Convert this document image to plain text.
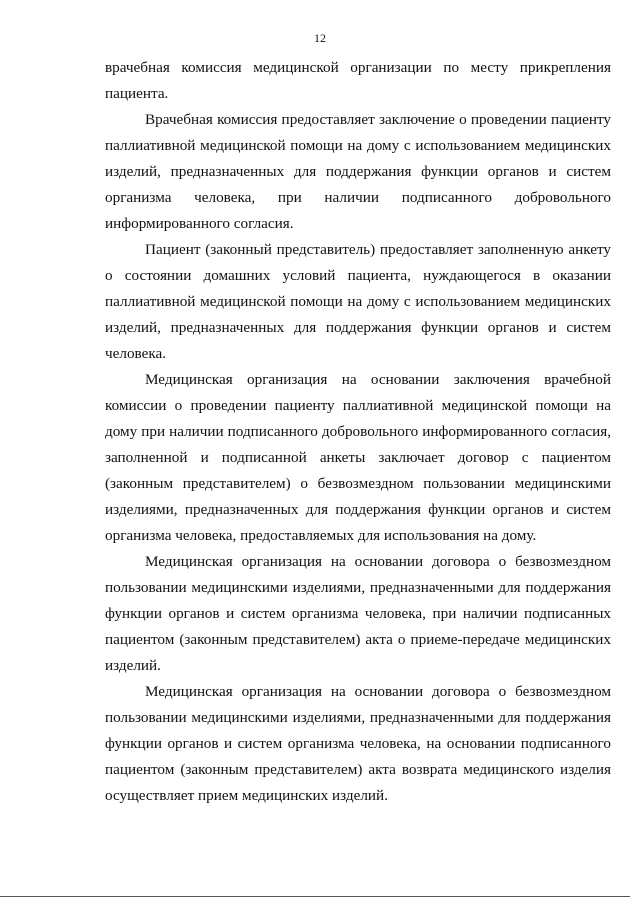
12

врачебная комиссия медицинской организации по месту прикрепления пациента.

Врачебная комиссия предоставляет заключение о проведении пациенту паллиативной медицинской помощи на дому с использованием медицинских изделий, предназначенных для поддержания функции органов и систем организма человека, при наличии подписанного добровольного информированного согласия.

Пациент (законный представитель) предоставляет заполненную анкету о состоянии домашних условий пациента, нуждающегося в оказании паллиативной медицинской помощи на дому с использованием медицинских изделий, предназначенных для поддержания функции органов и систем человека.

Медицинская организация на основании заключения врачебной комиссии о проведении пациенту паллиативной медицинской помощи на дому при наличии подписанного добровольного информированного согласия, заполненной и подписанной анкеты заключает договор с пациентом (законным представителем) о безвозмездном пользовании медицинскими изделиями, предназначенных для поддержания функции органов и систем организма человека, предоставляемых для использования на дому.

Медицинская организация на основании договора о безвозмездном пользовании медицинскими изделиями, предназначенными для поддержания функции органов и систем организма человека, при наличии подписанных пациентом (законным представителем) акта о приеме-передаче медицинских изделий.

Медицинская организация на основании договора о безвозмездном пользовании медицинскими изделиями, предназначенными для поддержания функции органов и систем организма человека, на основании подписанного пациентом (законным представителем) акта возврата медицинского изделия осуществляет прием медицинских изделий.
